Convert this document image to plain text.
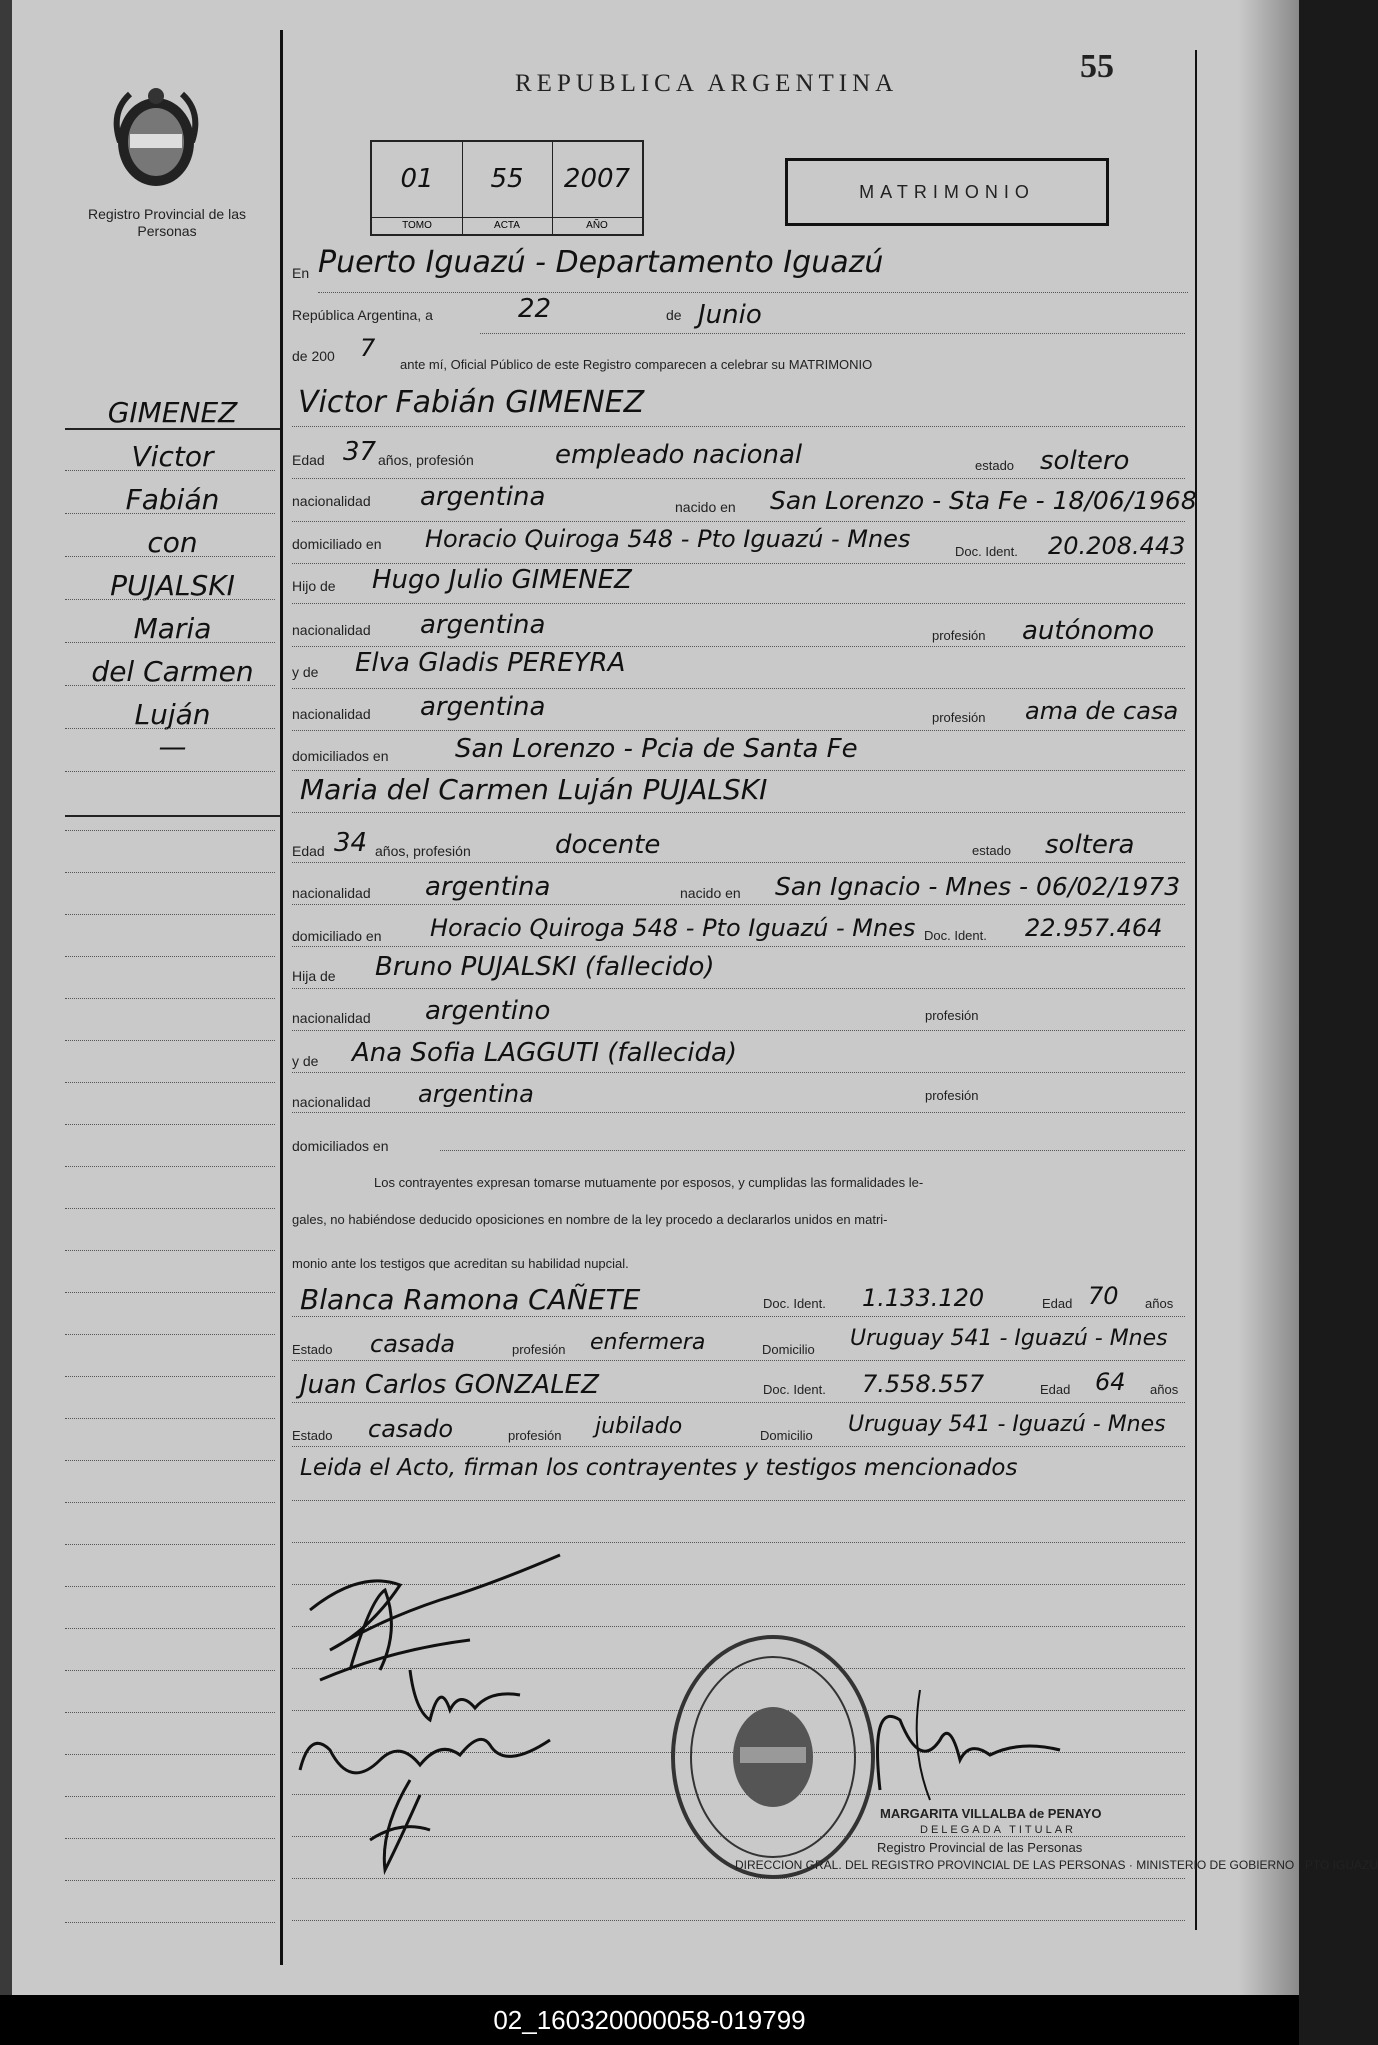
Registro Provincial de las Personas
REPUBLICA ARGENTINA	55
01
TOMO
55
ACTA
2007
AÑO
MATRIMONIO
GIMENEZ
Victor
Fabián
con
PUJALSKI
Maria
del Carmen
Luján
—
En Puerto Iguazú - Departamento Iguazú
República Argentina, a	22	de Junio
de 200 7
ante mí, Oficial Público de este Registro comparecen a celebrar su MATRIMONIO
Victor Fabián GIMENEZ
Edad 37 años, profesión	empleado nacional	estado soltero
nacionalidad argentina	nacido en San Lorenzo - Sta Fe - 18/06/1968
domiciliado en Horacio Quiroga 548 - Pto Iguazú - Mnes	Doc. Ident. 20.208.443
Hijo de Hugo Julio GIMENEZ
nacionalidad argentina	profesión autónomo
y de Elva Gladis PEREYRA
nacionalidad argentina	profesión ama de casa
domiciliados en	San Lorenzo - Pcia de Santa Fe
Maria del Carmen Luján PUJALSKI
Edad 34 años, profesión	docente	estado soltera
nacionalidad argentina	nacido en San Ignacio - Mnes - 06/02/1973
domiciliado en Horacio Quiroga 548 - Pto Iguazú - Mnes Doc. Ident. 22.957.464
Hija de Bruno PUJALSKI (fallecido)
nacionalidad argentino	profesión
y de Ana Sofia LAGGUTI (fallecida)
nacionalidad argentina	profesión
domiciliados en
Los contrayentes expresan tomarse mutuamente por esposos, y cumplidas las formalidades le-
gales, no habiéndose deducido oposiciones en nombre de la ley procedo a declararlos unidos en matri-
monio ante los testigos que acreditan su habilidad nupcial.
Blanca Ramona CAÑETE	Doc. Ident. 1.133.120	Edad 70 años
Estado casada	profesión enfermera	Domicilio Uruguay 541 - Iguazú - Mnes
Juan Carlos GONZALEZ	Doc. Ident. 7.558.557	Edad 64 años
Estado casado	profesión jubilado	Domicilio Uruguay 541 - Iguazú - Mnes
Leida el Acto, firman los contrayentes y testigos mencionados
DIRECCION GRAL. DEL REGISTRO PROVINCIAL DE LAS PERSONAS · MINISTERIO DE GOBIERNO · PTO IGUAZU
MARGARITA VILLALBA de PENAYO
DELEGADA TITULAR
Registro Provincial de las Personas
02_160320000058-019799
